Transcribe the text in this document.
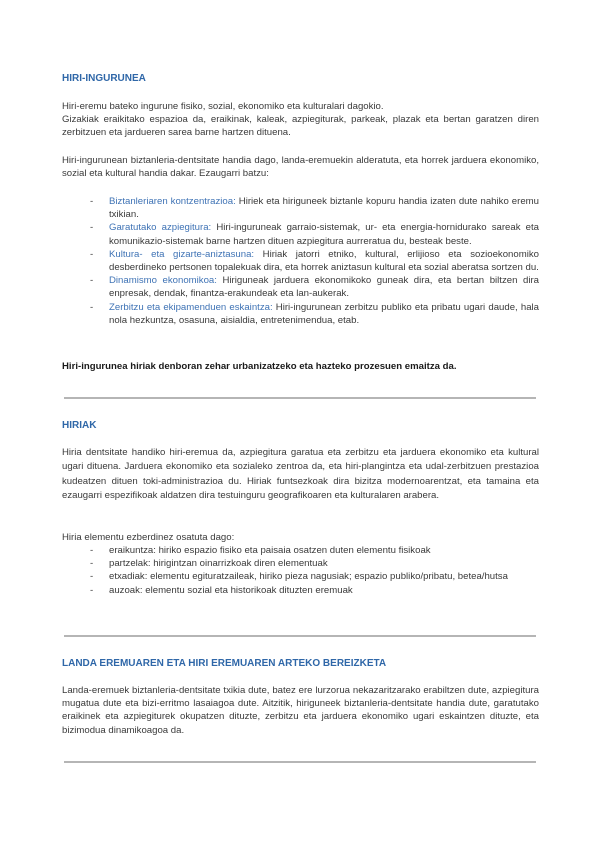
HIRI-INGURUNEA
Hiri-eremu bateko ingurune fisiko, sozial, ekonomiko eta kulturalari dagokio.
Gizakiak eraikitako espazioa da, eraikinak, kaleak, azpiegiturak, parkeak, plazak eta bertan garatzen diren zerbitzuen eta jardueren sarea barne hartzen dituena.
Hiri-ingurunean biztanleria-dentsitate handia dago, landa-eremuekin alderatuta, eta horrek jarduera ekonomiko, sozial eta kultural handia dakar. Ezaugarri batzu:
- Biztanleriaren kontzentrazioa: Hiriek eta hiriguneek biztanle kopuru handia izaten dute nahiko eremu txikian.
- Garatutako azpiegitura: Hiri-inguruneak garraio-sistemak, ur- eta energia-hornidurako sareak eta komunikazio-sistemak barne hartzen dituen azpiegitura aurreratua du, besteak beste.
- Kultura- eta gizarte-aniztasuna: Hiriak jatorri etniko, kultural, erlijioso eta sozioekonomiko desberdineko pertsonen topalekuak dira, eta horrek aniztasun kultural eta sozial aberatsa sortzen du.
- Dinamismo ekonomikoa: Hiriguneak jarduera ekonomikoko guneak dira, eta bertan biltzen dira enpresak, dendak, finantza-erakundeak eta lan-aukerak.
- Zerbitzu eta ekipamenduen eskaintza: Hiri-ingurunean zerbitzu publiko eta pribatu ugari daude, hala nola hezkuntza, osasuna, aisialdia, entretenimendua, etab.
Hiri-ingurunea hiriak denboran zehar urbanizatzeko eta hazteko prozesuen emaitza da.
HIRIAK
Hiria dentsitate handiko hiri-eremua da, azpiegitura garatua eta zerbitzu eta jarduera ekonomiko eta kultural ugari dituena. Jarduera ekonomiko eta sozialeko zentroa da, eta hiri-plangintza eta udal-zerbitzuen prestazioa kudeatzen dituen toki-administrazioa du. Hiriak funtsezkoak dira bizitza modernoarentzat, eta tamaina eta ezaugarri espezifikoak aldatzen dira testuinguru geografikoaren eta kulturalaren arabera.
Hiria elementu ezberdinez osatuta dago:
- eraikuntza: hiriko espazio fisiko eta paisaia osatzen duten elementu fisikoak
- partzelak: hirigintzan oinarrizkoak diren elementuak
- etxadiak: elementu egituratzaileak, hiriko pieza nagusiak; espazio publiko/pribatu, betea/hutsa
- auzoak: elementu sozial eta historikoak dituzten eremuak
LANDA EREMUAREN ETA HIRI EREMUAREN ARTEKO BEREIZKETA
Landa-eremuek biztanleria-dentsitate txikia dute, batez ere lurzorua nekazaritzarako erabiltzen dute, azpiegitura mugatua dute eta bizi-erritmo lasaiagoa dute. Aitzitik, hiriguneek biztanleria-dentsitate handia dute, garatutako eraikinek eta azpiegiturek okupatzen dituzte, zerbitzu eta jarduera ekonomiko ugari eskaintzen dituzte, eta bizimodua dinamikoagoa da.
